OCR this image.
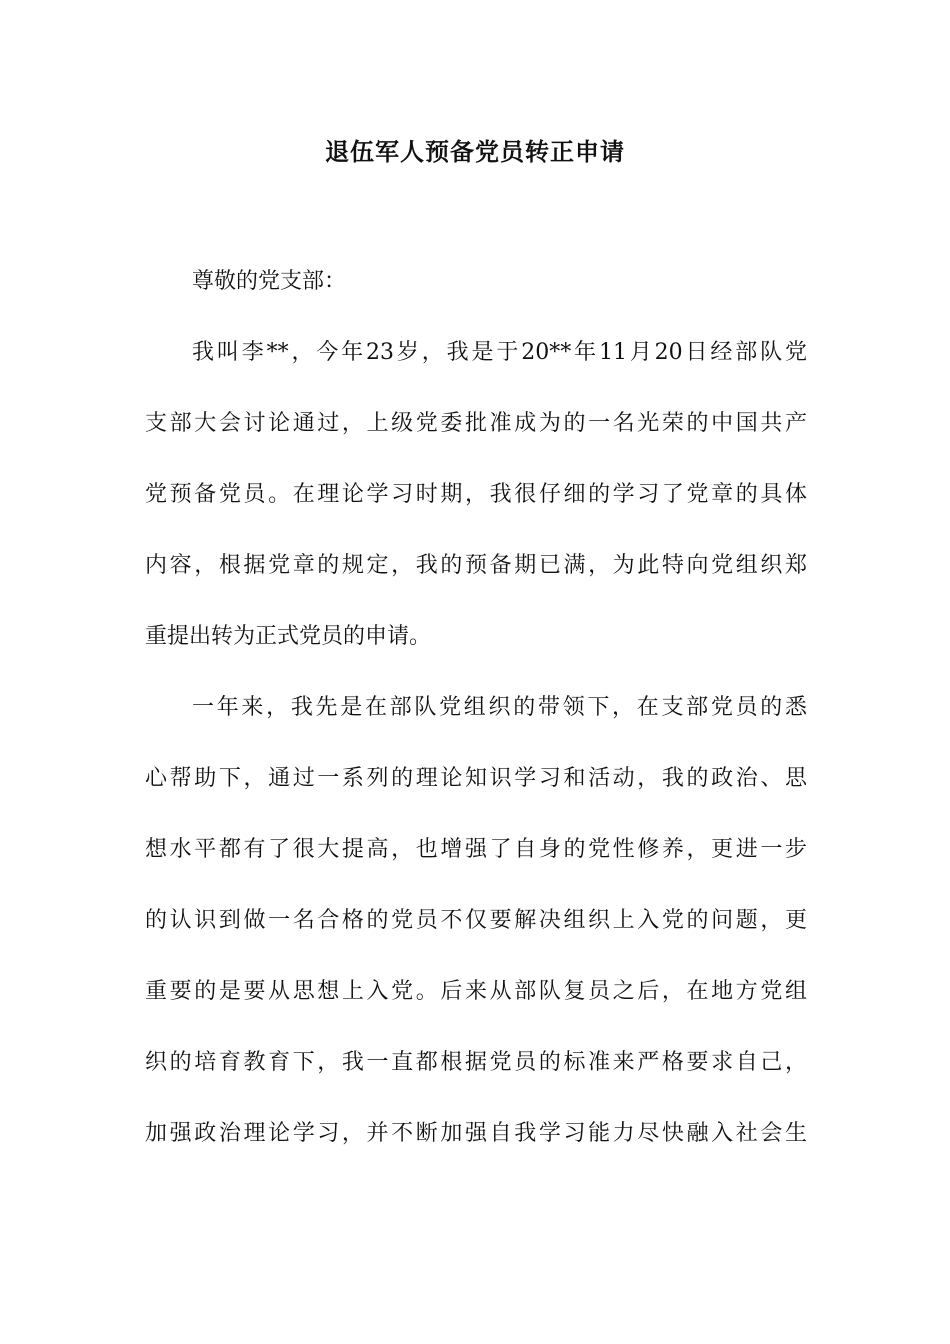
退伍军人预备党员转正申请
尊敬的党支部：
我叫李**，今年23岁，我是于20**年11月20日经部队党
支部大会讨论通过，上级党委批准成为的一名光荣的中国共产
党预备党员。在理论学习时期，我很仔细的学习了党章的具体
内容，根据党章的规定，我的预备期已满，为此特向党组织郑
重提出转为正式党员的申请。
一年来，我先是在部队党组织的带领下，在支部党员的悉
心帮助下，通过一系列的理论知识学习和活动，我的政治、思
想水平都有了很大提高，也增强了自身的党性修养，更进一步
的认识到做一名合格的党员不仅要解决组织上入党的问题，更
重要的是要从思想上入党。后来从部队复员之后，在地方党组
织的培育教育下，我一直都根据党员的标准来严格要求自己，
加强政治理论学习，并不断加强自我学习能力尽快融入社会生
